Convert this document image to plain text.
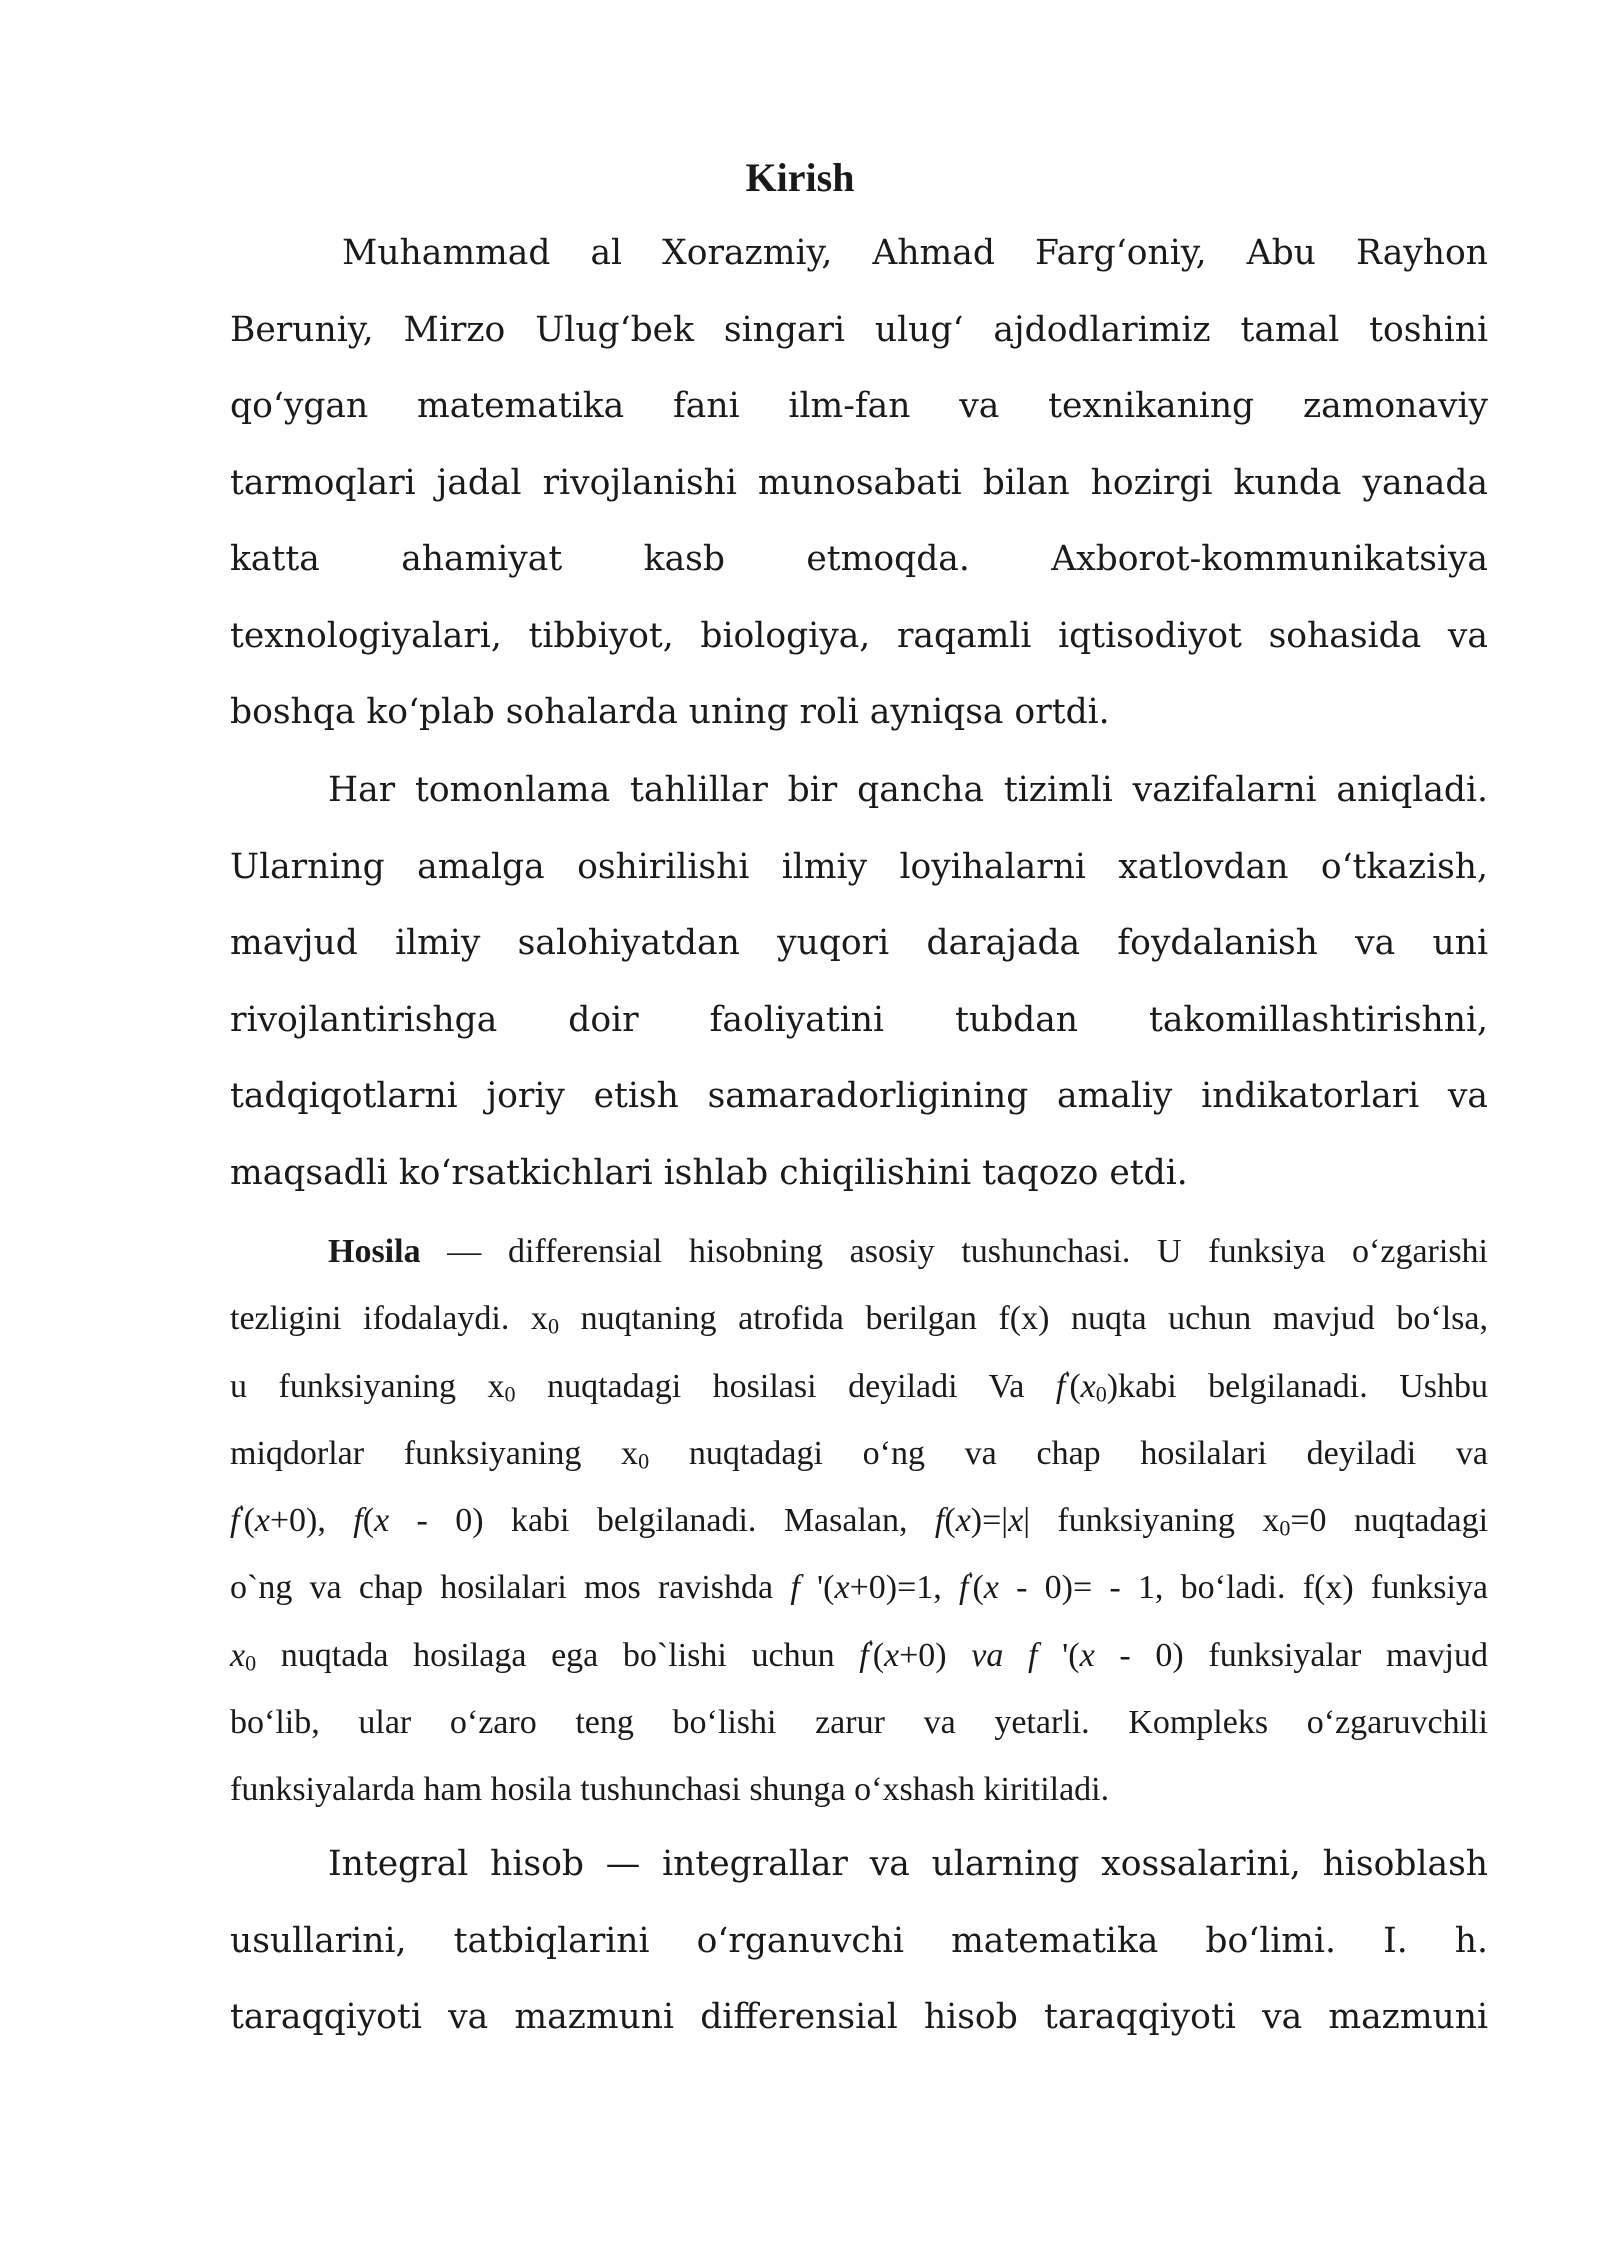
Kirish
Muhammad al Xorazmiy, Ahmad Farg‘oniy, Abu Rayhon
Beruniy, Mirzo Ulug‘bek singari ulug‘ ajdodlarimiz tamal toshini
qo‘ygan matematika fani ilm-fan va texnikaning zamonaviy
tarmoqlari jadal rivojlanishi munosabati bilan hozirgi kunda yanada
katta ahamiyat kasb etmoqda. Axborot-kommunikatsiya
texnologiyalari, tibbiyot, biologiya, raqamli iqtisodiyot sohasida va
boshqa ko‘plab sohalarda uning roli ayniqsa ortdi.
Har tomonlama tahlillar bir qancha tizimli vazifalarni aniqladi.
Ularning amalga oshirilishi ilmiy loyihalarni xatlovdan o‘tkazish,
mavjud ilmiy salohiyatdan yuqori darajada foydalanish va uni
rivojlantirishga doir faoliyatini tubdan takomillashtirishni,
tadqiqotlarni joriy etish samaradorligining amaliy indikatorlari va
maqsadli ko‘rsatkichlari ishlab chiqilishini taqozo etdi.
Hosila — differensial hisobning asosiy tushunchasi. U funksiya o‘zgarishi
tezligini ifodalaydi. $x_0$ nuqtaning atrofida berilgan f(x) nuqta uchun mavjud bo‘lsa,
u funksiyaning $x_0$ nuqtadagi hosilasi deyiladi Va $f'(x_0)kabi$ belgilanadi. Ushbu
miqdorlar funksiyaning $x_0$ nuqtadagi o‘ng va chap hosilalari deyiladi va
f'(x+0), f(x - 0) kabi belgilanadi. Masalan, f(x)=|x| funksiyaning $x_0=0$ nuqtadagi
o`ng va chap hosilalari mos ravishda f '(x+0)=1, f'(x - 0)= - 1, bo‘ladi. f(x) funksiya
$x_0$ nuqtada hosilaga ega bo`lishi uchun f'(x+0) va f '(x - 0) funksiyalar mavjud
bo‘lib, ular o‘zaro teng bo‘lishi zarur va yetarli. Kompleks o‘zgaruvchili
funksiyalarda ham hosila tushunchasi shunga o‘xshash kiritiladi.
Integral hisob — integrallar va ularning xossalarini, hisoblash
usullarini, tatbiqlarini o‘rganuvchi matematika bo‘limi. I. h.
taraqqiyoti va mazmuni differensial hisob taraqqiyoti va mazmuni
